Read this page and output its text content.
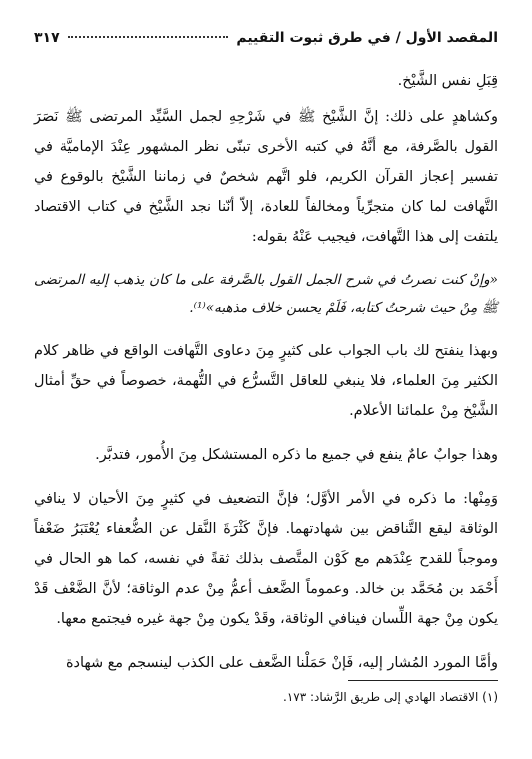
المقصد الأول / في طرق ثبوت التقييم
٣١٧

قِبَلِ نفس الشَّيْخ.

وكشاهدٍ على ذلك: إنَّ الشَّيْخ ﷺ في شَرْحِهِ لجمل السَّيِّد المرتضى ﷺ نَصَرَ القول بالصَّرفة، مع أنَّهُ في كتبه الأخرى تبنّى نظر المشهور عِنْدَ الإماميَّة في تفسير إعجاز القرآن الكريم، فلو اتَّهم شخصٌ في زماننا الشَّيْخ بالوقوع في التَّهافت لما كان متجرِّياً ومخالفاً للعادة، إلاّ أنّنا نجد الشَّيْخ في كتاب الاقتصاد يلتفت إلى هذا التَّهافت، فيجيب عَنْهُ بقوله:

«وإنْ كنت نصرتُ في شرح الجمل القول بالصَّرفة على ما كان يذهب إليه المرتضى ﷺ مِنْ حيث شرحتُ كتابه، فَلَمْ يحسن خلاف مذهبه»⁽¹⁾.

وبهذا ينفتح لك باب الجواب على كثيرٍ مِنَ دعاوى التَّهافت الواقع في ظاهر كلام الكثير مِنَ العلماء، فلا ينبغي للعاقل التَّسرُّع في التُّهمة، خصوصاً في حقِّ أمثال الشَّيْخ مِنْ علمائنا الأعلام.

وهذا جوابٌ عامٌ ينفع في جميع ما ذكره المستشكل مِنَ الأُمور، فتدبَّر.

وَمِنْها: ما ذكره في الأمر الأوَّل؛ فإنَّ التضعيف في كثيرٍ مِنَ الأحيان لا ينافي الوثاقة ليقع التَّناقض بين شهادتهما. فإنَّ كَثْرَةَ النَّقل عن الضُّعفاء يُعْتَبَرُ ضَعْفاً وموجباً للقدح عِنْدَهم مع كَوْن المتَّصف بذلك ثقةً في نفسه، كما هو الحال في أَحْمَد بن مُحَمَّد بن خالد. وعموماً الضَّعف أعمُّ مِنْ عدم الوثاقة؛ لأنَّ الضَّعْف قَدْ يكون مِنْ جهة اللِّسان فينافي الوثاقة، وقَدْ يكون مِنْ جهة غيره فيجتمع معها.

وأمَّا المورد المُشار إليه، فَإنْ حَمَلْنا الضَّعف على الكذب لينسجم مع شهادة

(١) الاقتصاد الهادي إلى طريق الرَّشاد: ١٧٣.
